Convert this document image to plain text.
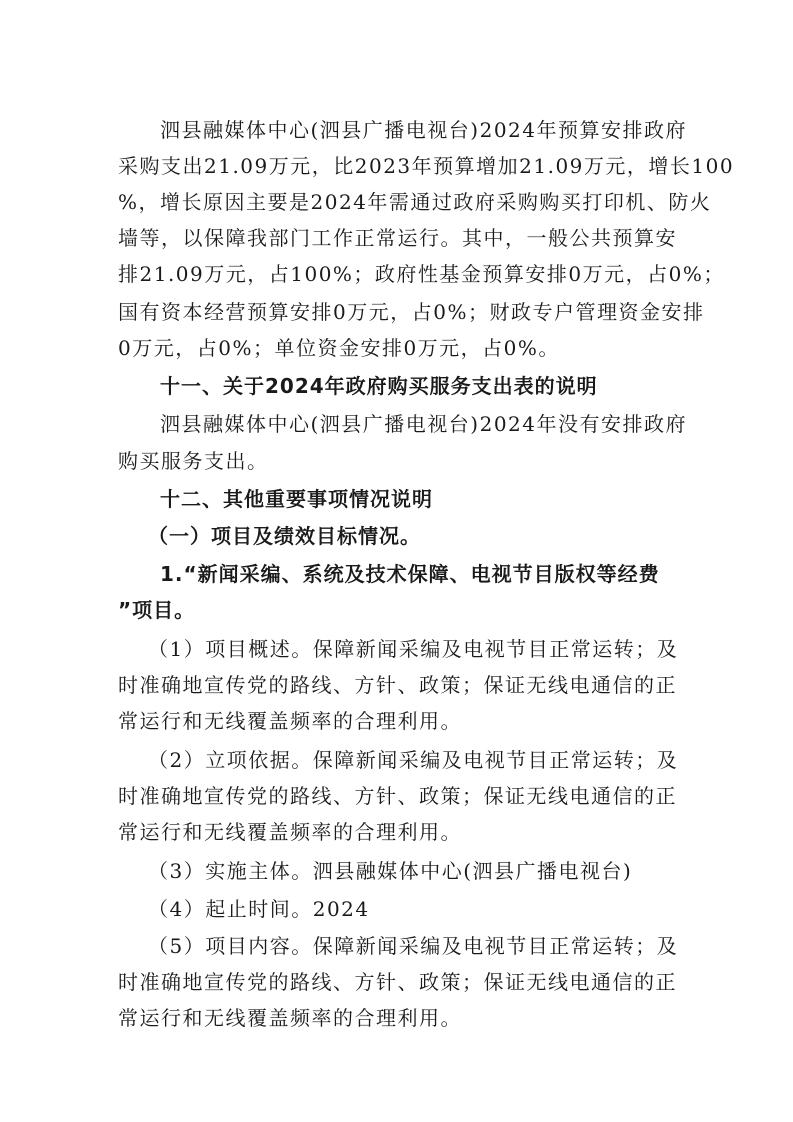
泗县融媒体中心(泗县广播电视台)2024年预算安排政府
采购支出21.09万元，比2023年预算增加21.09万元，增长100
%，增长原因主要是2024年需通过政府采购购买打印机、防火
墙等，以保障我部门工作正常运行。其中，一般公共预算安
排21.09万元，占100%；政府性基金预算安排0万元，占0%；
国有资本经营预算安排0万元，占0%；财政专户管理资金安排
0万元，占0%；单位资金安排0万元，占0%。
十一、关于2024年政府购买服务支出表的说明
泗县融媒体中心(泗县广播电视台)2024年没有安排政府
购买服务支出。
十二、其他重要事项情况说明
（一）项目及绩效目标情况。
1.“新闻采编、系统及技术保障、电视节目版权等经费
”项目。
（1）项目概述。保障新闻采编及电视节目正常运转；及
时准确地宣传党的路线、方针、政策；保证无线电通信的正
常运行和无线覆盖频率的合理利用。
（2）立项依据。保障新闻采编及电视节目正常运转；及
时准确地宣传党的路线、方针、政策；保证无线电通信的正
常运行和无线覆盖频率的合理利用。
（3）实施主体。泗县融媒体中心(泗县广播电视台)
（4）起止时间。2024
（5）项目内容。保障新闻采编及电视节目正常运转；及
时准确地宣传党的路线、方针、政策；保证无线电通信的正
常运行和无线覆盖频率的合理利用。
